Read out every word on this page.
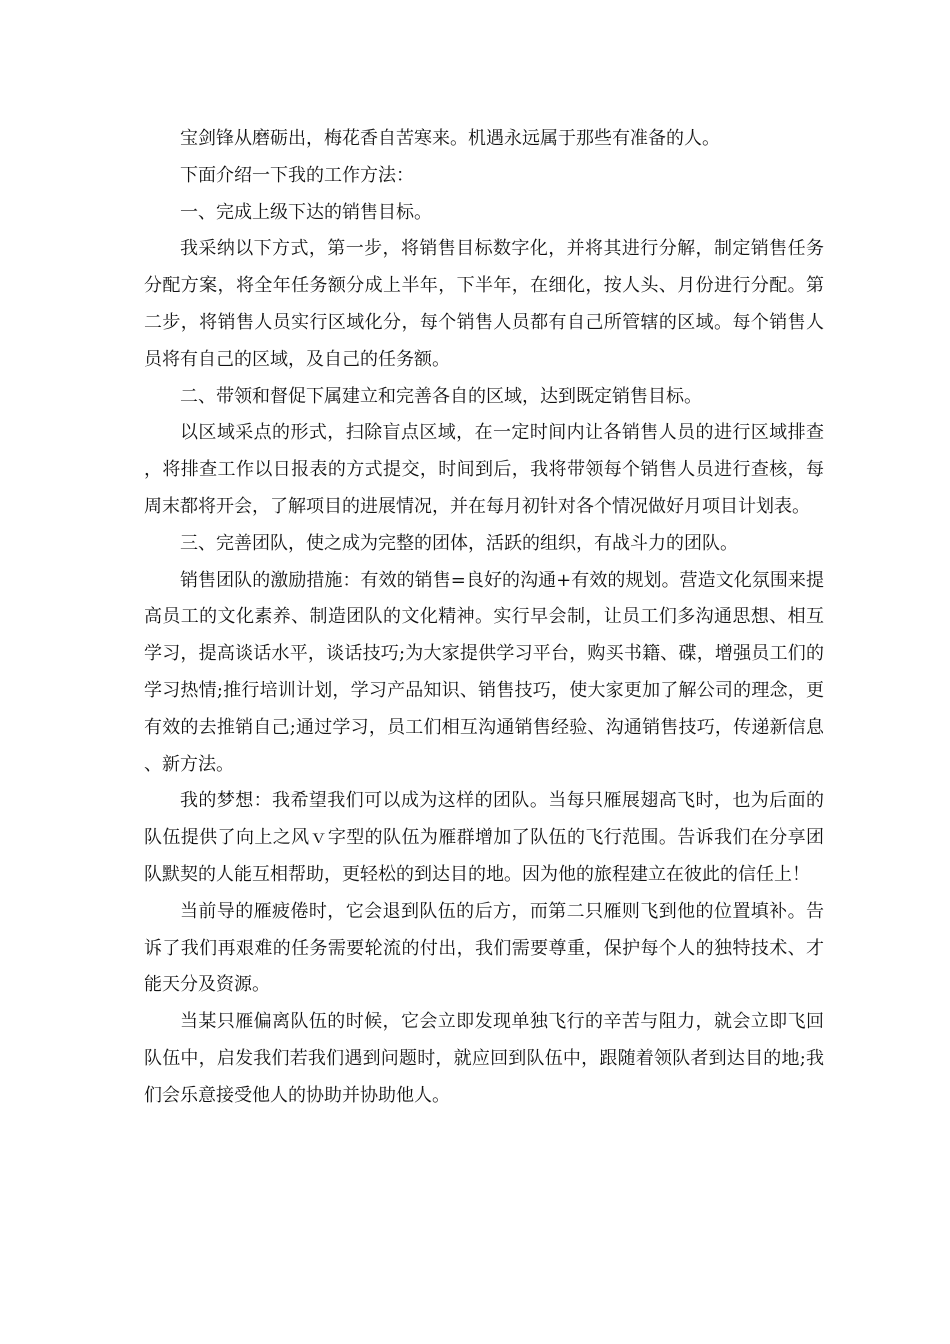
宝剑锋从磨砺出，梅花香自苦寒来。机遇永远属于那些有准备的人。

下面介绍一下我的工作方法：

一、完成上级下达的销售目标。

我采纳以下方式，第一步，将销售目标数字化，并将其进行分解，制定销售任务分配方案，将全年任务额分成上半年，下半年，在细化，按人头、月份进行分配。第二步，将销售人员实行区域化分，每个销售人员都有自己所管辖的区域。每个销售人员将有自己的区域，及自己的任务额。

二、带领和督促下属建立和完善各自的区域，达到既定销售目标。

以区域采点的形式，扫除盲点区域，在一定时间内让各销售人员的进行区域排查，将排查工作以日报表的方式提交，时间到后，我将带领每个销售人员进行查核，每周末都将开会，了解项目的进展情况，并在每月初针对各个情况做好月项目计划表。

三、完善团队，使之成为完整的团体，活跃的组织，有战斗力的团队。

销售团队的激励措施：有效的销售=良好的沟通+有效的规划。营造文化氛围来提高员工的文化素养、制造团队的文化精神。实行早会制，让员工们多沟通思想、相互学习，提高谈话水平，谈话技巧;为大家提供学习平台，购买书籍、碟，增强员工们的学习热情;推行培训计划，学习产品知识、销售技巧，使大家更加了解公司的理念，更有效的去推销自己;通过学习，员工们相互沟通销售经验、沟通销售技巧，传递新信息、新方法。

我的梦想：我希望我们可以成为这样的团队。当每只雁展翅高飞时，也为后面的队伍提供了向上之风ｖ字型的队伍为雁群增加了队伍的飞行范围。告诉我们在分享团队默契的人能互相帮助，更轻松的到达目的地。因为他的旅程建立在彼此的信任上！

当前导的雁疲倦时，它会退到队伍的后方，而第二只雁则飞到他的位置填补。告诉了我们再艰难的任务需要轮流的付出，我们需要尊重，保护每个人的独特技术、才能天分及资源。

当某只雁偏离队伍的时候，它会立即发现单独飞行的辛苦与阻力，就会立即飞回队伍中，启发我们若我们遇到问题时，就应回到队伍中，跟随着领队者到达目的地;我们会乐意接受他人的协助并协助他人。
